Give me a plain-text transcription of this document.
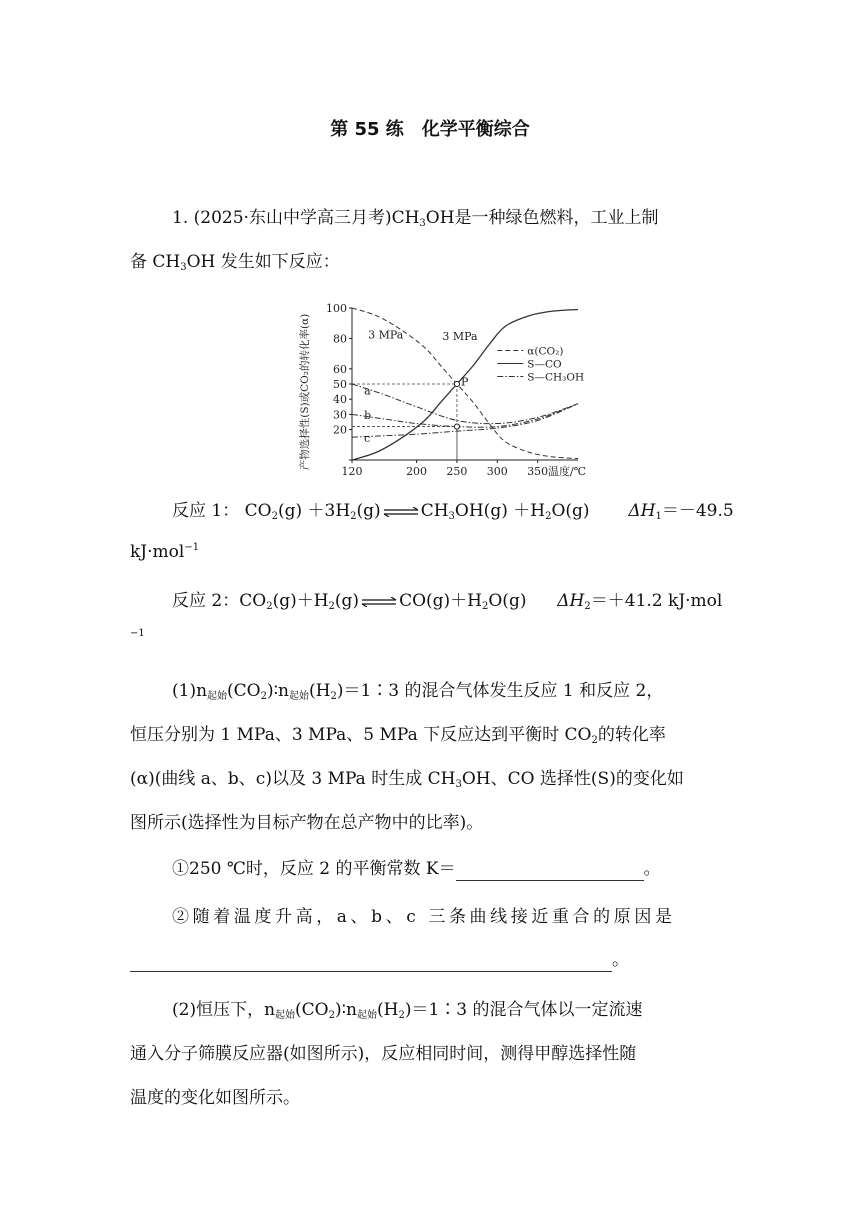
第 55 练　化学平衡综合
1. (2025·东山中学高三月考)$CH_3OH$是一种绿色燃料，工业上制
备 $CH_3OH$ 发生如下反应：
20
30
40
50
60
80
100
120	200 250 300 350 温度/℃
产物选择性(S)或CO₂的转化率(α)	3 MPa	3 MPa
P
a
b
c
α(CO₂)
S—CO
S—CH₃OH
反应 1： $CO_2(g) +3H_2(g)$ ⇌ $CH_3OH(g) +H_2O(g)$ $\Delta H_1=-49.5$
kJ·mol$^{-1}$
反应 2：$CO_2(g)+H_2(g)$ ⇌ $CO(g)+H_2O(g)$ $\Delta H_2=+41.2$ kJ·mol
−1
$(1)n_{起始}(CO_2)∶n_{起始}(H_2)=1∶3$ 的混合气体发生反应 1 和反应 2，
恒压分别为 1 MPa、3 MPa、5 MPa 下反应达到平衡时 $CO_2$的转化率
(α)(曲线 a、b、c)以及 3 MPa 时生成 $CH_3OH$、CO 选择性(S)的变化如
图所示(选择性为目标产物在总产物中的比率)。
①250 ℃时，反应 2 的平衡常数 K＝	。
②随着温度升高，a、b、c 三条曲线接近重合的原因是
。
(2)恒压下，$n_{起始}(CO_2)∶n_{起始}(H_2)=1∶3$ 的混合气体以一定流速
通入分子筛膜反应器(如图所示)，反应相同时间，测得甲醇选择性随
温度的变化如图所示。
